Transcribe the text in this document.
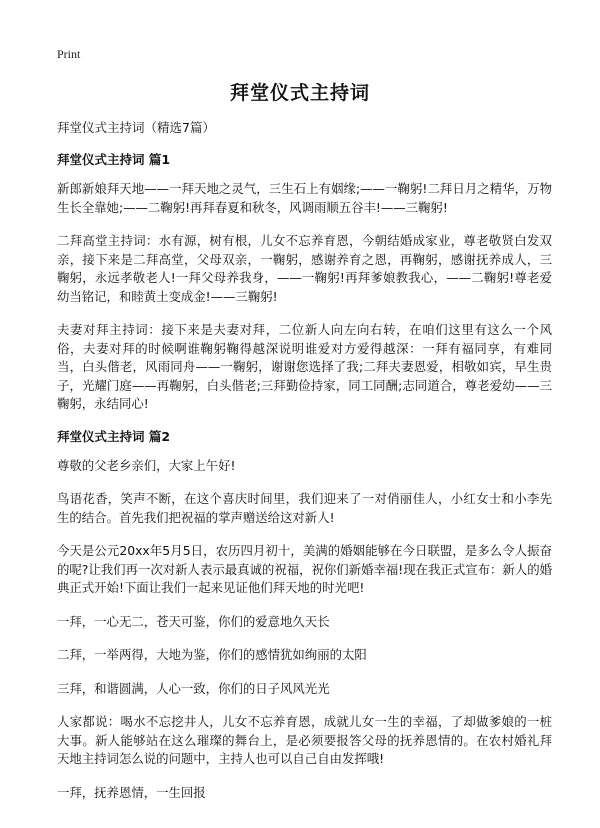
Print
拜堂仪式主持词

拜堂仪式主持词（精选7篇）

拜堂仪式主持词 篇1

新郎新娘拜天地——一拜天地之灵气，三生石上有姻缘;——一鞠躬!二拜日月之精华，万物生长全靠她;——二鞠躬!再拜春夏和秋冬，风调雨顺五谷丰!——三鞠躬!

二拜高堂主持词：水有源，树有根，儿女不忘养育恩，今朝结婚成家业，尊老敬贤白发双亲，接下来是二拜高堂，父母双亲，一鞠躬，感谢养育之恩，再鞠躬，感谢抚养成人，三鞠躬，永远孝敬老人!一拜父母养我身，——一鞠躬!再拜爹娘教我心，——二鞠躬!尊老爱幼当铭记，和睦黄土变成金!——三鞠躬!

夫妻对拜主持词：接下来是夫妻对拜，二位新人向左向右转，在咱们这里有这么一个风俗，夫妻对拜的时候啊谁鞠躬鞠得越深说明谁爱对方爱得越深：一拜有福同享，有难同当，白头偕老，风雨同舟——一鞠躬，谢谢您选择了我;二拜夫妻恩爱，相敬如宾，早生贵子，光耀门庭——再鞠躬，白头偕老;三拜勤俭持家，同工同酬;志同道合，尊老爱幼——三鞠躬，永结同心!

拜堂仪式主持词 篇2

尊敬的父老乡亲们，大家上午好!

鸟语花香，笑声不断，在这个喜庆时间里，我们迎来了一对俏丽佳人，小红女士和小李先生的结合。首先我们把祝福的掌声赠送给这对新人!

今天是公元20xx年5月5日，农历四月初十，美满的婚姻能够在今日联盟，是多么令人振奋的呢?让我们再一次对新人表示最真诚的祝福，祝你们新婚幸福!现在我正式宣布：新人的婚典正式开始!下面让我们一起来见证他们拜天地的时光吧!

一拜，一心无二，苍天可鉴，你们的爱意地久天长

二拜，一举两得，大地为鉴，你们的感情犹如绚丽的太阳

三拜，和谐圆满，人心一致，你们的日子风风光光

人家都说：喝水不忘挖井人，儿女不忘养育恩，成就儿女一生的幸福，了却做爹娘的一桩大事。新人能够站在这么璀璨的舞台上，是必须要报答父母的抚养恩情的。在农村婚礼拜天地主持词怎么说的问题中，主持人也可以自己自由发挥哦!

一拜，抚养恩情，一生回报
